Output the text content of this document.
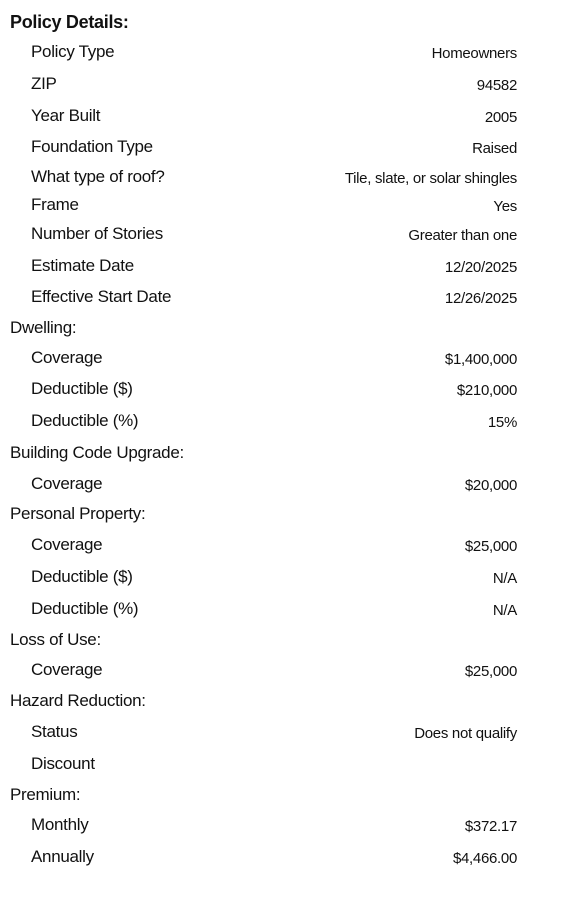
Policy Details:
Policy Type	Homeowners
ZIP	94582
Year Built	2005
Foundation Type	Raised
What type of roof?	Tile, slate, or solar shingles
Frame	Yes
Number of Stories	Greater than one
Estimate Date	12/20/2025
Effective Start Date	12/26/2025
Dwelling:
Coverage	$1,400,000
Deductible ($)	$210,000
Deductible (%)	15%
Building Code Upgrade:
Coverage	$20,000
Personal Property:
Coverage	$25,000
Deductible ($)	N/A
Deductible (%)	N/A
Loss of Use:
Coverage	$25,000
Hazard Reduction:
Status	Does not qualify
Discount
Premium:
Monthly	$372.17
Annually	$4,466.00
